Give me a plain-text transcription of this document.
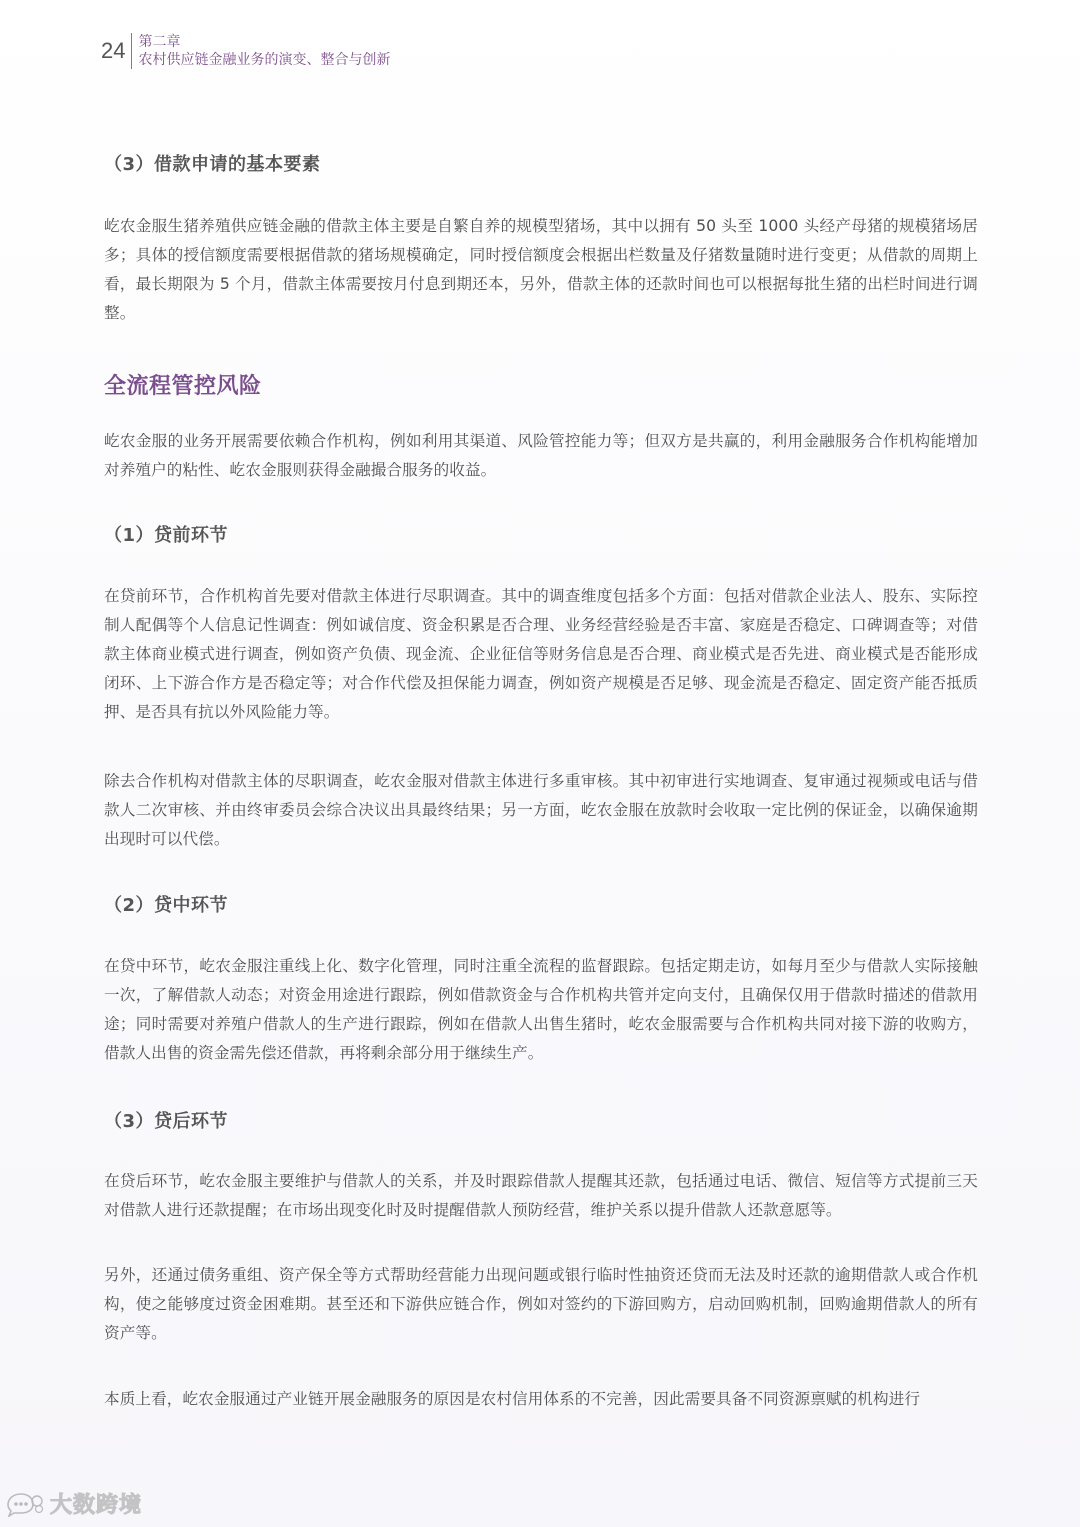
24 第二章
农村供应链金融业务的演变、整合与创新
（3）借款申请的基本要素
屹农金服生猪养殖供应链金融的借款主体主要是自繁自养的规模型猪场，其中以拥有 50 头至 1000 头经产母猪的规模猪场居多；具体的授信额度需要根据借款的猪场规模确定，同时授信额度会根据出栏数量及仔猪数量随时进行变更；从借款的周期上看，最长期限为 5 个月，借款主体需要按月付息到期还本，另外，借款主体的还款时间也可以根据每批生猪的出栏时间进行调整。
全流程管控风险
屹农金服的业务开展需要依赖合作机构，例如利用其渠道、风险管控能力等；但双方是共赢的，利用金融服务合作机构能增加对养殖户的粘性、屹农金服则获得金融撮合服务的收益。
（1）贷前环节
在贷前环节，合作机构首先要对借款主体进行尽职调查。其中的调查维度包括多个方面：包括对借款企业法人、股东、实际控制人配偶等个人信息记性调查：例如诚信度、资金积累是否合理、业务经营经验是否丰富、家庭是否稳定、口碑调查等；对借款主体商业模式进行调查，例如资产负债、现金流、企业征信等财务信息是否合理、商业模式是否先进、商业模式是否能形成闭环、上下游合作方是否稳定等；对合作代偿及担保能力调查，例如资产规模是否足够、现金流是否稳定、固定资产能否抵质押、是否具有抗以外风险能力等。
除去合作机构对借款主体的尽职调查，屹农金服对借款主体进行多重审核。其中初审进行实地调查、复审通过视频或电话与借款人二次审核、并由终审委员会综合决议出具最终结果；另一方面，屹农金服在放款时会收取一定比例的保证金，以确保逾期出现时可以代偿。
（2）贷中环节
在贷中环节，屹农金服注重线上化、数字化管理，同时注重全流程的监督跟踪。包括定期走访，如每月至少与借款人实际接触一次，了解借款人动态；对资金用途进行跟踪，例如借款资金与合作机构共管并定向支付，且确保仅用于借款时描述的借款用途；同时需要对养殖户借款人的生产进行跟踪，例如在借款人出售生猪时，屹农金服需要与合作机构共同对接下游的收购方，借款人出售的资金需先偿还借款，再将剩余部分用于继续生产。
（3）贷后环节
在贷后环节，屹农金服主要维护与借款人的关系，并及时跟踪借款人提醒其还款，包括通过电话、微信、短信等方式提前三天对借款人进行还款提醒；在市场出现变化时及时提醒借款人预防经营，维护关系以提升借款人还款意愿等。
另外，还通过债务重组、资产保全等方式帮助经营能力出现问题或银行临时性抽资还贷而无法及时还款的逾期借款人或合作机构，使之能够度过资金困难期。甚至还和下游供应链合作，例如对签约的下游回购方，启动回购机制，回购逾期借款人的所有资产等。
本质上看，屹农金服通过产业链开展金融服务的原因是农村信用体系的不完善，因此需要具备不同资源禀赋的机构进行
大数跨境
